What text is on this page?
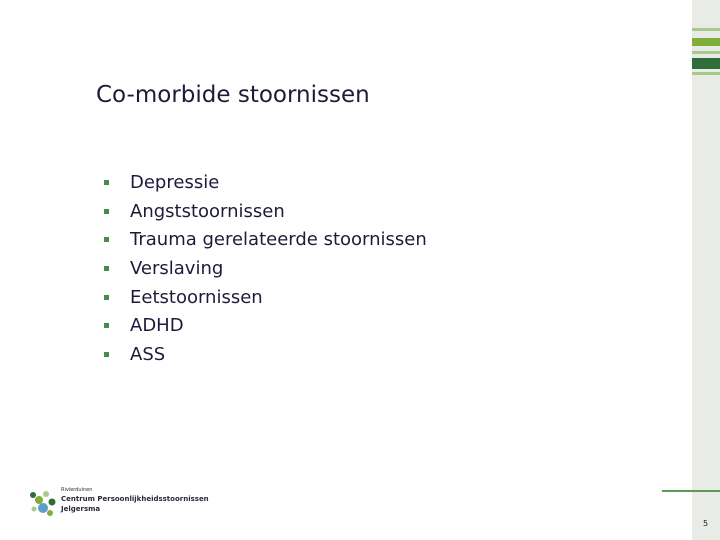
Co-morbide stoornissen
Depressie
Angststoornissen
Trauma gerelateerde stoornissen
Verslaving
Eetstoornissen
ADHD
ASS
Rivierduinen
Centrum Persoonlijkheidsstoornissen
Jelgersma
5
